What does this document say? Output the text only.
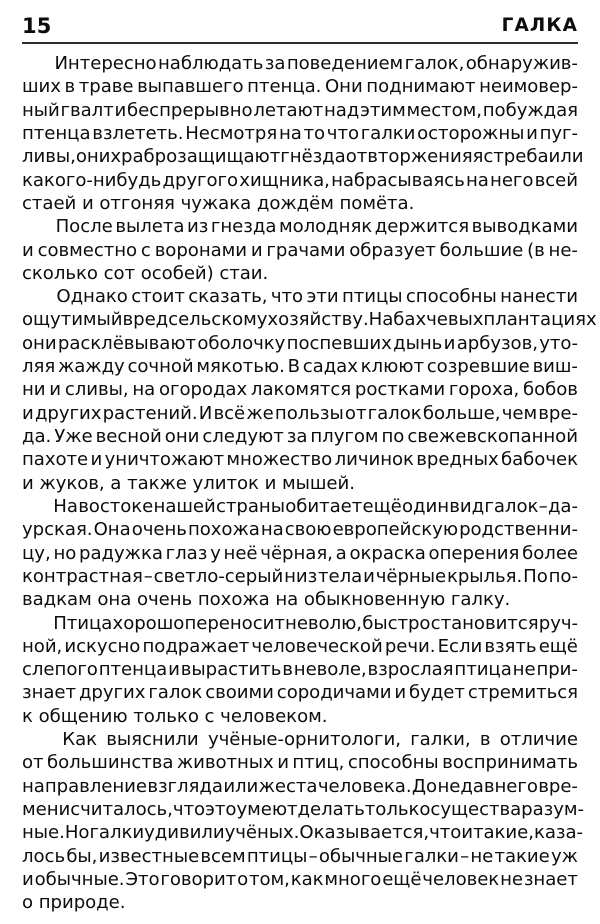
15	ГАЛКА

Интересно наблюдать за поведением галок, обнаружив-
ших в траве выпавшего птенца. Они поднимают неимовер-
ный гвалт и беспрерывно летают над этим местом, побуждая
птенца взлететь. Несмотря на то что галки осторожны и пуг-
ливы, они храбро защищают гнёзда от вторжения ястреба или
какого-нибудь другого хищника, набрасываясь на него всей
стаей и отгоняя чужака дождём помёта.

После вылета из гнезда молодняк держится выводками
и совместно с воронами и грачами образует большие (в не-
сколько сот особей) стаи.

Однако стоит сказать, что эти птицы способны нанести
ощутимый вред сельскому хозяйству. На бахчевых плантациях
они расклёвывают оболочку поспевших дынь и арбузов, уто-
ляя жажду сочной мякотью. В садах клюют созревшие виш-
ни и сливы, на огородах лакомятся ростками гороха, бобов
и других растений. И всё же пользы от галок больше, чем вре-
да. Уже весной они следуют за плугом по свежевскопанной
пахоте и уничтожают множество личинок вредных бабочек
и жуков, а также улиток и мышей.

На востоке нашей страны обитает ещё один вид галок – да-
урская. Она очень похожа на свою европейскую родственни-
цу, но радужка глаз у неё чёрная, а окраска оперения более
контрастная – светло-серый низ тела и чёрные крылья. По по-
вадкам она очень похожа на обыкновенную галку.

Птица хорошо переносит неволю, быстро становится руч-
ной, искусно подражает человеческой речи. Если взять ещё
слепого птенца и вырастить в неволе, взрослая птица не при-
знает других галок своими сородичами и будет стремиться
к общению только с человеком.

Как выяснили учёные-орнитологи, галки, в отличие
от большинства животных и птиц, способны воспринимать
направление взгляда или жеста человека. До недавнего вре-
мени считалось, что это умеют делать только существа разум-
ные. Но галки удивили учёных. Оказывается, что и такие, каза-
лось бы, известные всем птицы – обычные галки – не такие уж
и обычные. Это говорит о том, как много ещё человек не знает
о природе.
